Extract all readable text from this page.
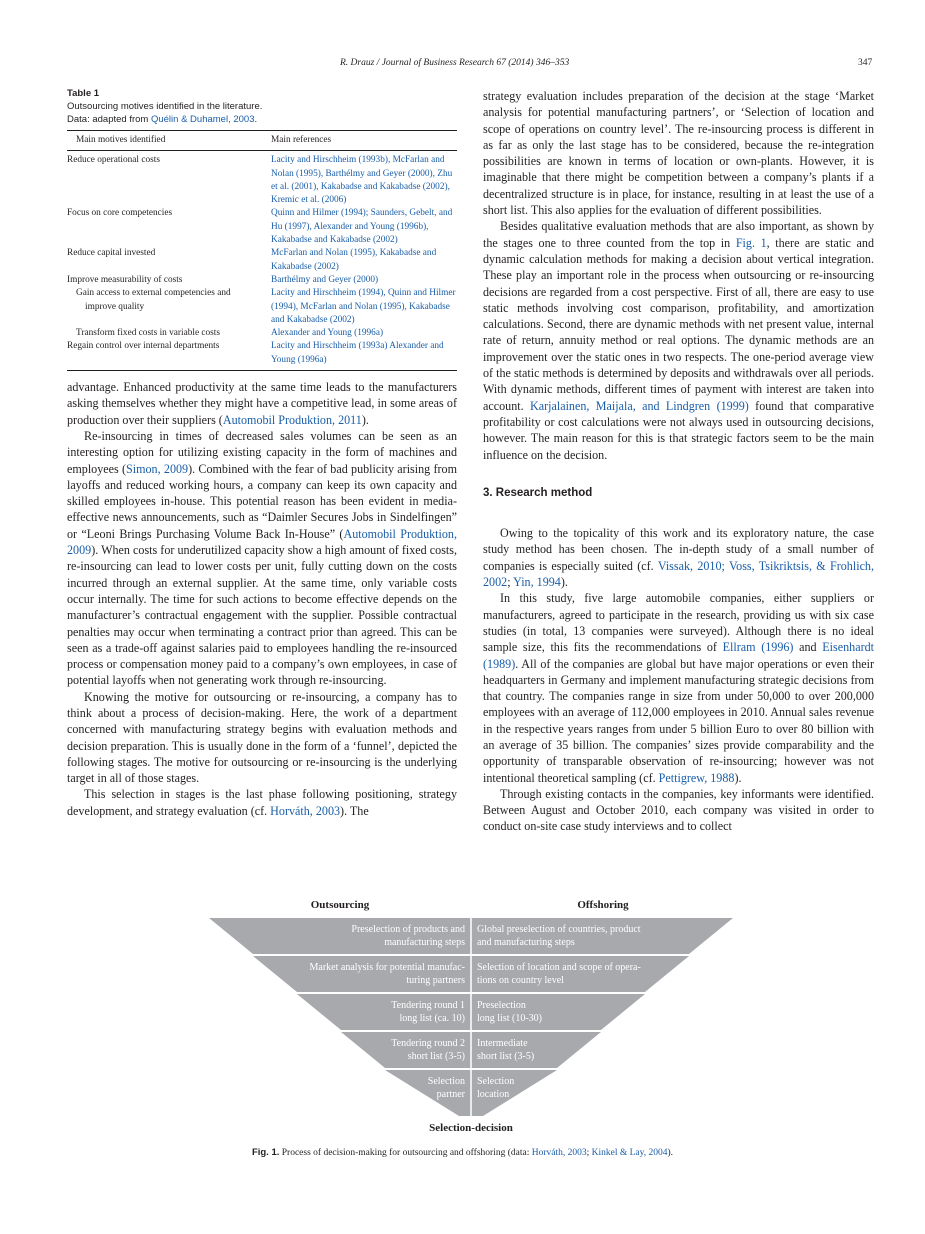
R. Drauz / Journal of Business Research 67 (2014) 346–353	347
Table 1
Outsourcing motives identified in the literature.
Data: adapted from Quélin & Duhamel, 2003.
Main motives identified	Main references

Reduce operational costs	Lacity and Hirschheim (1993b), McFarlan and Nolan (1995), Barthélmy and Geyer (2000), Zhu et al. (2001), Kakabadse and Kakabadse (2002), Kremic et al. (2006)

Focus on core competencies	Quinn and Hilmer (1994); Saunders, Gebelt, and Hu (1997), Alexander and Young (1996b), Kakabadse and Kakabadse (2002)

Reduce capital invested	McFarlan and Nolan (1995), Kakabadse and Kakabadse (2002)

Improve measurability of costs	Barthélmy and Geyer (2000)

Gain access to external competencies and improve quality	Lacity and Hirschheim (1994), Quinn and Hilmer (1994), McFarlan and Nolan (1995), Kakabadse and Kakabadse (2002)

Transform fixed costs in variable costs	Alexander and Young (1996a)

Regain control over internal departments	Lacity and Hirschheim (1993a) Alexander and Young (1996a)

advantage. Enhanced productivity at the same time leads to the manufacturers asking themselves whether they might have a competitive lead, in some areas of production over their suppliers (Automobil Produktion, 2011).

Re-insourcing in times of decreased sales volumes can be seen as an interesting option for utilizing existing capacity in the form of machines and employees (Simon, 2009). Combined with the fear of bad publicity arising from layoffs and reduced working hours, a company can keep its own capacity and skilled employees in-house. This potential reason has been evident in media-effective news announcements, such as “Daimler Secures Jobs in Sindelfingen” or “Leoni Brings Purchasing Volume Back In-House” (Automobil Produktion, 2009). When costs for underutilized capacity show a high amount of fixed costs, re-insourcing can lead to lower costs per unit, fully cutting down on the costs incurred through an external supplier. At the same time, only variable costs occur internally. The time for such actions to become effective depends on the manufacturer’s contractual engagement with the supplier. Possible contractual penalties may occur when terminating a contract prior than agreed. This can be seen as a trade-off against salaries paid to employees handling the re-insourced process or compensation money paid to a company’s own employees, in case of potential layoffs when not generating work through re-insourcing.

Knowing the motive for outsourcing or re-insourcing, a company has to think about a process of decision-making. Here, the work of a department concerned with manufacturing strategy begins with evaluation methods and decision preparation. This is usually done in the form of a ‘funnel’, depicted the following stages. The motive for outsourcing or re-insourcing is the underlying target in all of those stages.

This selection in stages is the last phase following positioning, strategy development, and strategy evaluation (cf. Horváth, 2003). The

strategy evaluation includes preparation of the decision at the stage ‘Market analysis for potential manufacturing partners’, or ‘Selection of location and scope of operations on country level’. The re-insourcing process is different in as far as only the last stage has to be considered, because the re-integration possibilities are known in terms of location or own-plants. However, it is imaginable that there might be competition between a company’s plants if a decentralized structure is in place, for instance, resulting in at least the use of a short list. This also applies for the evaluation of different possibilities.

Besides qualitative evaluation methods that are also important, as shown by the stages one to three counted from the top in Fig. 1, there are static and dynamic calculation methods for making a decision about vertical integration. These play an important role in the process when outsourcing or re-insourcing decisions are regarded from a cost perspective. First of all, there are easy to use static methods involving cost comparison, profitability, and amortization calculations. Second, there are dynamic methods with net present value, internal rate of return, annuity method or real options. The dynamic methods are an improvement over the static ones in two respects. The one-period average view of the static methods is determined by deposits and withdrawals over all periods. With dynamic methods, different times of payment with interest are taken into account. Karjalainen, Maijala, and Lindgren (1999) found that comparative profitability or cost calculations were not always used in outsourcing decisions, however. The main reason for this is that strategic factors seem to be the main influence on the decision.

3. Research method

Owing to the topicality of this work and its exploratory nature, the case study method has been chosen. The in-depth study of a small number of companies is especially suited (cf. Vissak, 2010; Voss, Tsikriktsis, & Frohlich, 2002; Yin, 1994).

In this study, five large automobile companies, either suppliers or manufacturers, agreed to participate in the research, providing us with six case studies (in total, 13 companies were surveyed). Although there is no ideal sample size, this fits the recommendations of Ellram (1996) and Eisenhardt (1989). All of the companies are global but have major operations or even their headquarters in Germany and implement manufacturing strategic decisions from that country. The companies range in size from under 50,000 to over 200,000 employees with an average of 112,000 employees in 2010. Annual sales revenue in the respective years ranges from under 5 billion Euro to over 80 billion with an average of 35 billion. The companies’ sizes provide comparability and the opportunity of transparable observation of re-insourcing; however was not intentional theoretical sampling (cf. Pettigrew, 1988).

Through existing contacts in the companies, key informants were identified. Between August and October 2010, each company was visited in order to conduct on-site case study interviews and to collect

Outsourcing	Offshoring
Preselection of products and
manufacturing steps
Global preselection of countries, product
and manufacturing steps
Market analysis for potential manufac-
turing partners
Selection of location and scope of opera-
tions on country level
Tendering round 1
long list (ca. 10)
Preselection
long list (10-30)
Tendering round 2
short list (3-5)
Intermediate
short list (3-5)
Selection
partner
Selection
location
Selection-decision
Fig. 1. Process of decision-making for outsourcing and offshoring (data: Horváth, 2003; Kinkel & Lay, 2004).
